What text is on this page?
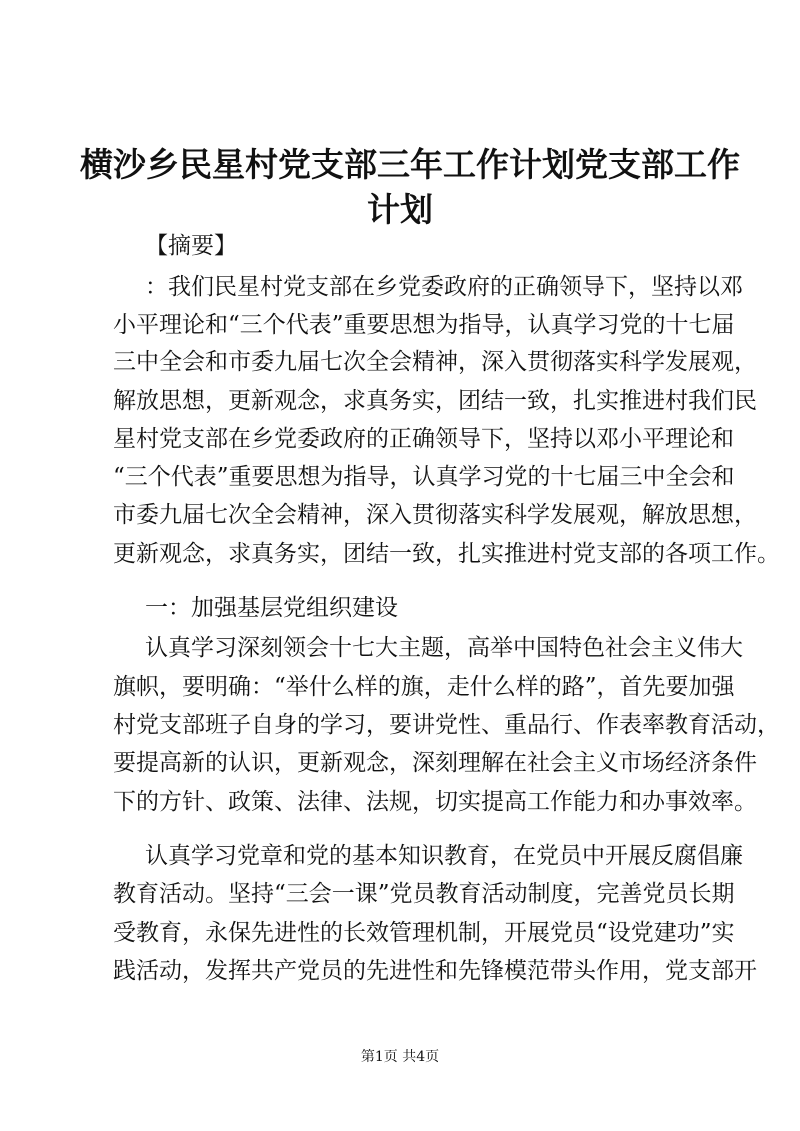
横沙乡民星村党支部三年工作计划党支部工作
计划

【摘要】

：我们民星村党支部在乡党委政府的正确领导下，坚持以邓

小平理论和“三个代表”重要思想为指导，认真学习党的十七届

三中全会和市委九届七次全会精神，深入贯彻落实科学发展观，

解放思想，更新观念，求真务实，团结一致，扎实推进村我们民

星村党支部在乡党委政府的正确领导下，坚持以邓小平理论和

“三个代表”重要思想为指导，认真学习党的十七届三中全会和

市委九届七次全会精神，深入贯彻落实科学发展观，解放思想，

更新观念，求真务实，团结一致，扎实推进村党支部的各项工作。

一：加强基层党组织建设

认真学习深刻领会十七大主题，高举中国特色社会主义伟大

旗帜，要明确：“举什么样的旗，走什么样的路”，首先要加强

村党支部班子自身的学习，要讲党性、重品行、作表率教育活动，

要提高新的认识，更新观念，深刻理解在社会主义市场经济条件

下的方针、政策、法律、法规，切实提高工作能力和办事效率。

认真学习党章和党的基本知识教育，在党员中开展反腐倡廉

教育活动。坚持“三会一课”党员教育活动制度，完善党员长期

受教育，永保先进性的长效管理机制，开展党员“设党建功”实

践活动，发挥共产党员的先进性和先锋模范带头作用，党支部开

第1页 共4页
